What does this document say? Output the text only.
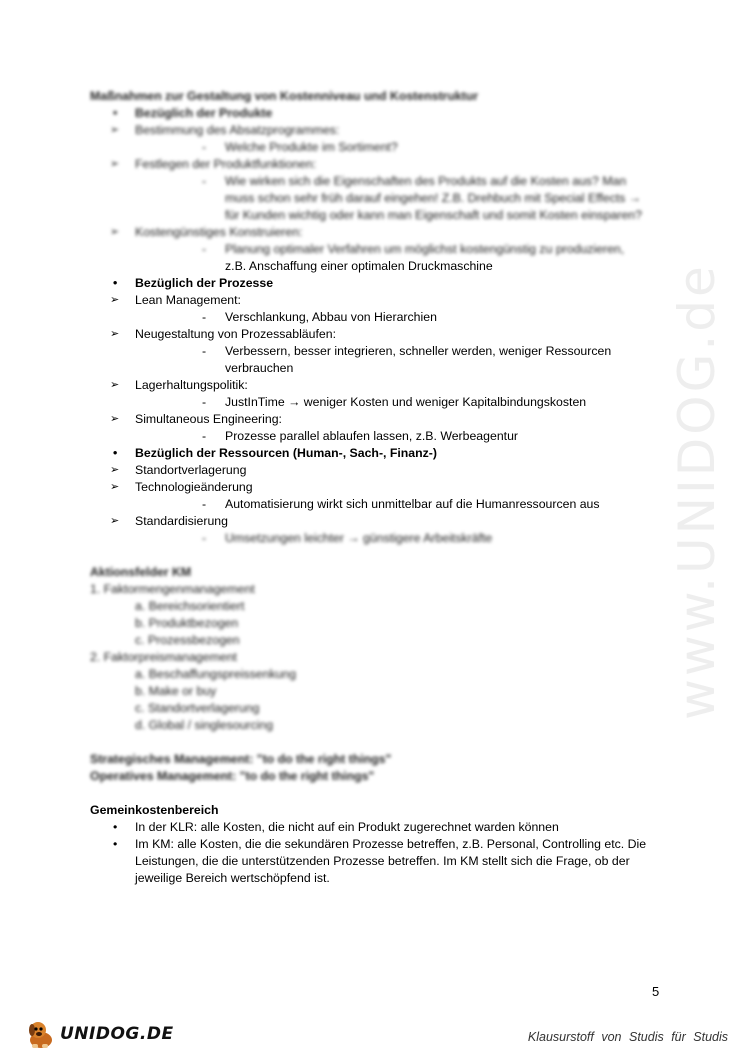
www.UNIDOG.de
Maßnahmen zur Gestaltung von Kostenniveau und Kostenstruktur
• Bezüglich der Produkte
➢ Bestimmung des Absatzprogrammes:
- Welche Produkte im Sortiment?
➢ Festlegen der Produktfunktionen:
- Wie wirken sich die Eigenschaften des Produkts auf die Kosten aus? Man
muss schon sehr früh darauf eingehen! Z.B. Drehbuch mit Special Effects →
für Kunden wichtig oder kann man Eigenschaft und somit Kosten einsparen?
➢ Kostengünstiges Konstruieren:
- Planung optimaler Verfahren um möglichst kostengünstig zu produzieren,
z.B. Anschaffung einer optimalen Druckmaschine
• Bezüglich der Prozesse
➢ Lean Management:
- Verschlankung, Abbau von Hierarchien
➢ Neugestaltung von Prozessabläufen:
- Verbessern, besser integrieren, schneller werden, weniger Ressourcen
verbrauchen
➢ Lagerhaltungspolitik:
- JustInTime → weniger Kosten und weniger Kapitalbindungskosten
➢ Simultaneous Engineering:
- Prozesse parallel ablaufen lassen, z.B. Werbeagentur
• Bezüglich der Ressourcen (Human-, Sach-, Finanz-)
➢ Standortverlagerung
➢ Technologieänderung
- Automatisierung wirkt sich unmittelbar auf die Humanressourcen aus
➢ Standardisierung
- Umsetzungen leichter → günstigere Arbeitskräfte
Aktionsfelder KM
1. Faktormengenmanagement
a. Bereichsorientiert
b. Produktbezogen
c. Prozessbezogen
2. Faktorpreismanagement
a. Beschaffungspreissenkung
b. Make or buy
c. Standortverlagerung
d. Global / singlesourcing
Strategisches Management: "to do the right things"
Operatives Management: "to do the right things"
Gemeinkostenbereich
• In der KLR: alle Kosten, die nicht auf ein Produkt zugerechnet warden können
• Im KM: alle Kosten, die die sekundären Prozesse betreffen, z.B. Personal, Controlling etc. Die
Leistungen, die die unterstützenden Prozesse betreffen. Im KM stellt sich die Frage, ob der
jeweilige Bereich wertschöpfend ist.
5
UNIDOG.DE	Klausurstoff von Studis für Studis
